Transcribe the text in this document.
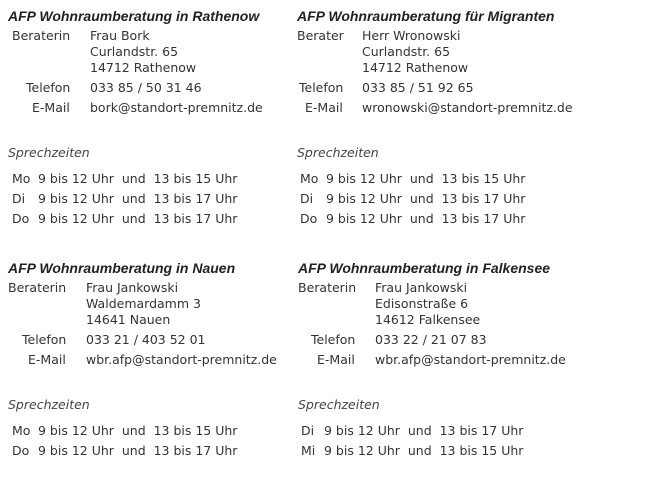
AFP Wohnraumberatung in Rathenow
Beraterin Frau Bork
Curlandstr. 65
14712 Rathenow
Telefon 033 85 / 50 31 46
E-Mail bork@standort-premnitz.de
Sprechzeiten
Mo 9 bis 12 Uhr  und  13 bis 15 Uhr
Di 9 bis 12 Uhr  und  13 bis 17 Uhr
Do 9 bis 12 Uhr  und  13 bis 17 Uhr
AFP Wohnraumberatung für Migranten
Berater Herr Wronowski
Curlandstr. 65
14712 Rathenow
Telefon 033 85 / 51 92 65
E-Mail wronowski@standort-premnitz.de
Sprechzeiten
Mo 9 bis 12 Uhr  und  13 bis 15 Uhr
Di 9 bis 12 Uhr  und  13 bis 17 Uhr
Do 9 bis 12 Uhr  und  13 bis 17 Uhr
AFP Wohnraumberatung in Nauen
Beraterin Frau Jankowski
Waldemardamm 3
14641 Nauen
Telefon 033 21 / 403 52 01
E-Mail wbr.afp@standort-premnitz.de
Sprechzeiten
Mo 9 bis 12 Uhr  und  13 bis 15 Uhr
Do 9 bis 12 Uhr  und  13 bis 17 Uhr
AFP Wohnraumberatung in Falkensee
Beraterin Frau Jankowski
Edisonstraße 6
14612 Falkensee
Telefon 033 22 / 21 07 83
E-Mail wbr.afp@standort-premnitz.de
Sprechzeiten
Di 9 bis 12 Uhr  und  13 bis 17 Uhr
Mi 9 bis 12 Uhr  und  13 bis 15 Uhr
